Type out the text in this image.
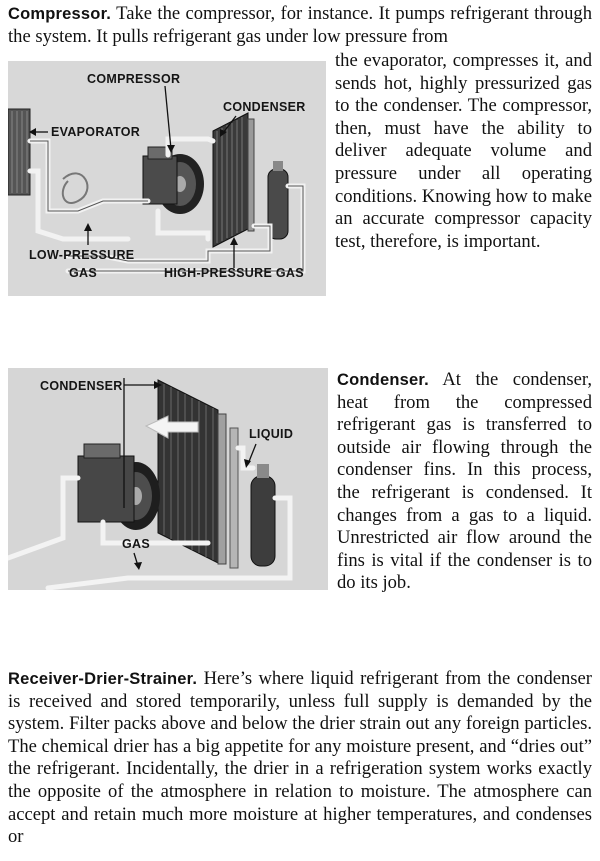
Compressor. Take the compressor, for instance. It pumps refrigerant through the system. It pulls refrigerant gas under low pressure from

COMPRESSOR
CONDENSER
EVAPORATOR
LOW-PRESSURE
GAS	HIGH-PRESSURE GAS

the evaporator, compresses it, and sends hot, highly pressurized gas to the condenser. The compressor, then, must have the ability to deliver adequate volume and pressure under all operating conditions. Knowing how to make an accurate compressor capacity test, therefore, is important.

CONDENSER
LIQUID
GAS

Condenser. At the condenser, heat from the compressed refrigerant gas is transferred to outside air flowing through the condenser fins. In this process, the refrigerant is condensed. It changes from a gas to a liquid. Unrestricted air flow around the fins is vital if the condenser is to do its job.

Receiver-Drier-Strainer. Here’s where liquid refrigerant from the condenser is received and stored temporarily, unless full supply is demanded by the system. Filter packs above and below the drier strain out any foreign particles. The chemical drier has a big appetite for any moisture present, and “dries out” the refrigerant. Incidentally, the drier in a refrigeration system works exactly the opposite of the atmosphere in relation to moisture. The atmosphere can accept and retain much more moisture at higher temperatures, and condenses or
